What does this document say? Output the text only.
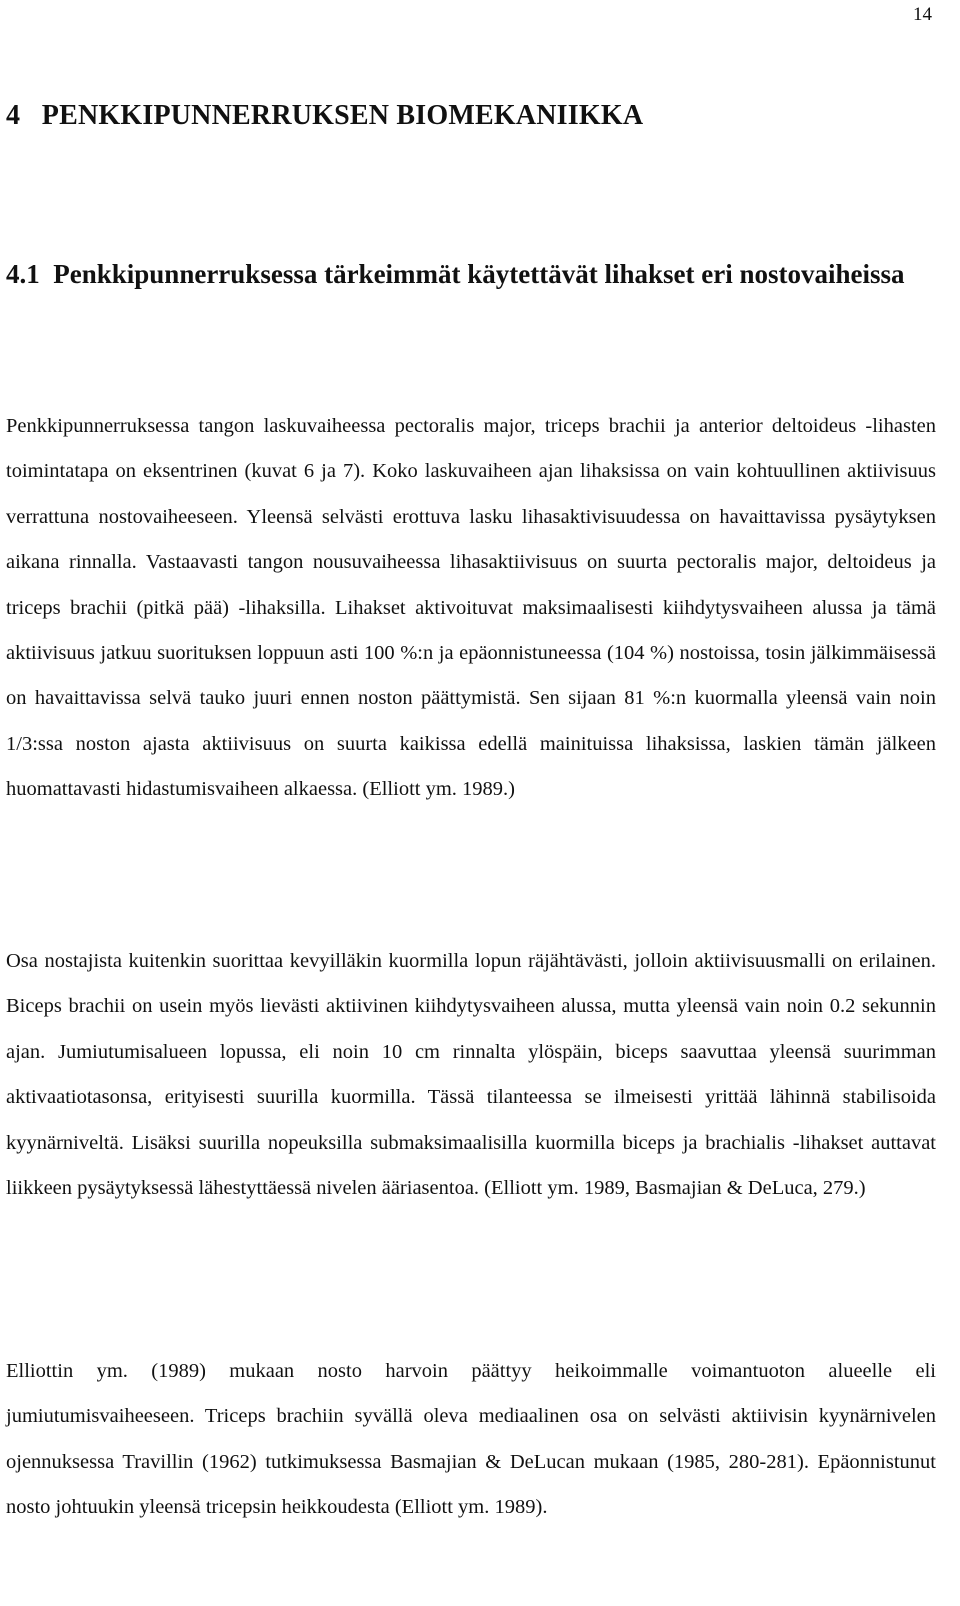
14
4   PENKKIPUNNERRUKSEN BIOMEKANIIKKA
4.1  Penkkipunnerruksessa tärkeimmät käytettävät lihakset eri nostovaiheissa

Penkkipunnerruksessa tangon laskuvaiheessa pectoralis major, triceps brachii ja anterior deltoideus -lihasten toimintatapa on eksentrinen (kuvat 6 ja 7). Koko laskuvaiheen ajan lihaksissa on vain kohtuullinen aktiivisuus verrattuna nostovaiheeseen. Yleensä selvästi erottuva lasku lihasaktivisuudessa on havaittavissa pysäytyksen aikana rinnalla. Vastaavasti tangon nousuvaiheessa lihasaktiivisuus on suurta pectoralis major, deltoideus ja triceps brachii (pitkä pää) -lihaksilla. Lihakset aktivoituvat maksimaalisesti kiihdytysvaiheen alussa ja tämä aktiivisuus jatkuu suorituksen loppuun asti 100 %:n ja epäonnistuneessa (104 %) nostoissa, tosin jälkimmäisessä on havaittavissa selvä tauko juuri ennen noston päättymistä. Sen sijaan 81 %:n kuormalla yleensä vain noin 1/3:ssa noston ajasta aktiivisuus on suurta kaikissa edellä mainituissa lihaksissa, laskien tämän jälkeen huomattavasti hidastumisvaiheen alkaessa. (Elliott ym. 1989.)

Osa nostajista kuitenkin suorittaa kevyilläkin kuormilla lopun räjähtävästi, jolloin aktiivisuusmalli on erilainen. Biceps brachii on usein myös lievästi aktiivinen kiihdytysvaiheen alussa, mutta yleensä vain noin 0.2 sekunnin ajan. Jumiutumisalueen lopussa, eli noin 10 cm rinnalta ylöspäin, biceps saavuttaa yleensä suurimman aktivaatiotasonsa, erityisesti suurilla kuormilla. Tässä tilanteessa se ilmeisesti yrittää lähinnä stabilisoida kyynärniveltä. Lisäksi suurilla nopeuksilla submaksimaalisilla kuormilla biceps ja brachialis -lihakset auttavat liikkeen pysäytyksessä lähestyttäessä nivelen ääriasentoa. (Elliott ym. 1989, Basmajian & DeLuca, 279.)

Elliottin ym. (1989) mukaan nosto harvoin päättyy heikoimmalle voimantuoton alueelle eli jumiutumisvaiheeseen. Triceps brachiin syvällä oleva mediaalinen osa on selvästi aktiivisin kyynärnivelen ojennuksessa Travillin (1962) tutkimuksessa Basmajian & DeLucan mukaan (1985, 280-281). Epäonnistunut nosto johtuukin yleensä tricepsin heikkoudesta (Elliott ym. 1989).
